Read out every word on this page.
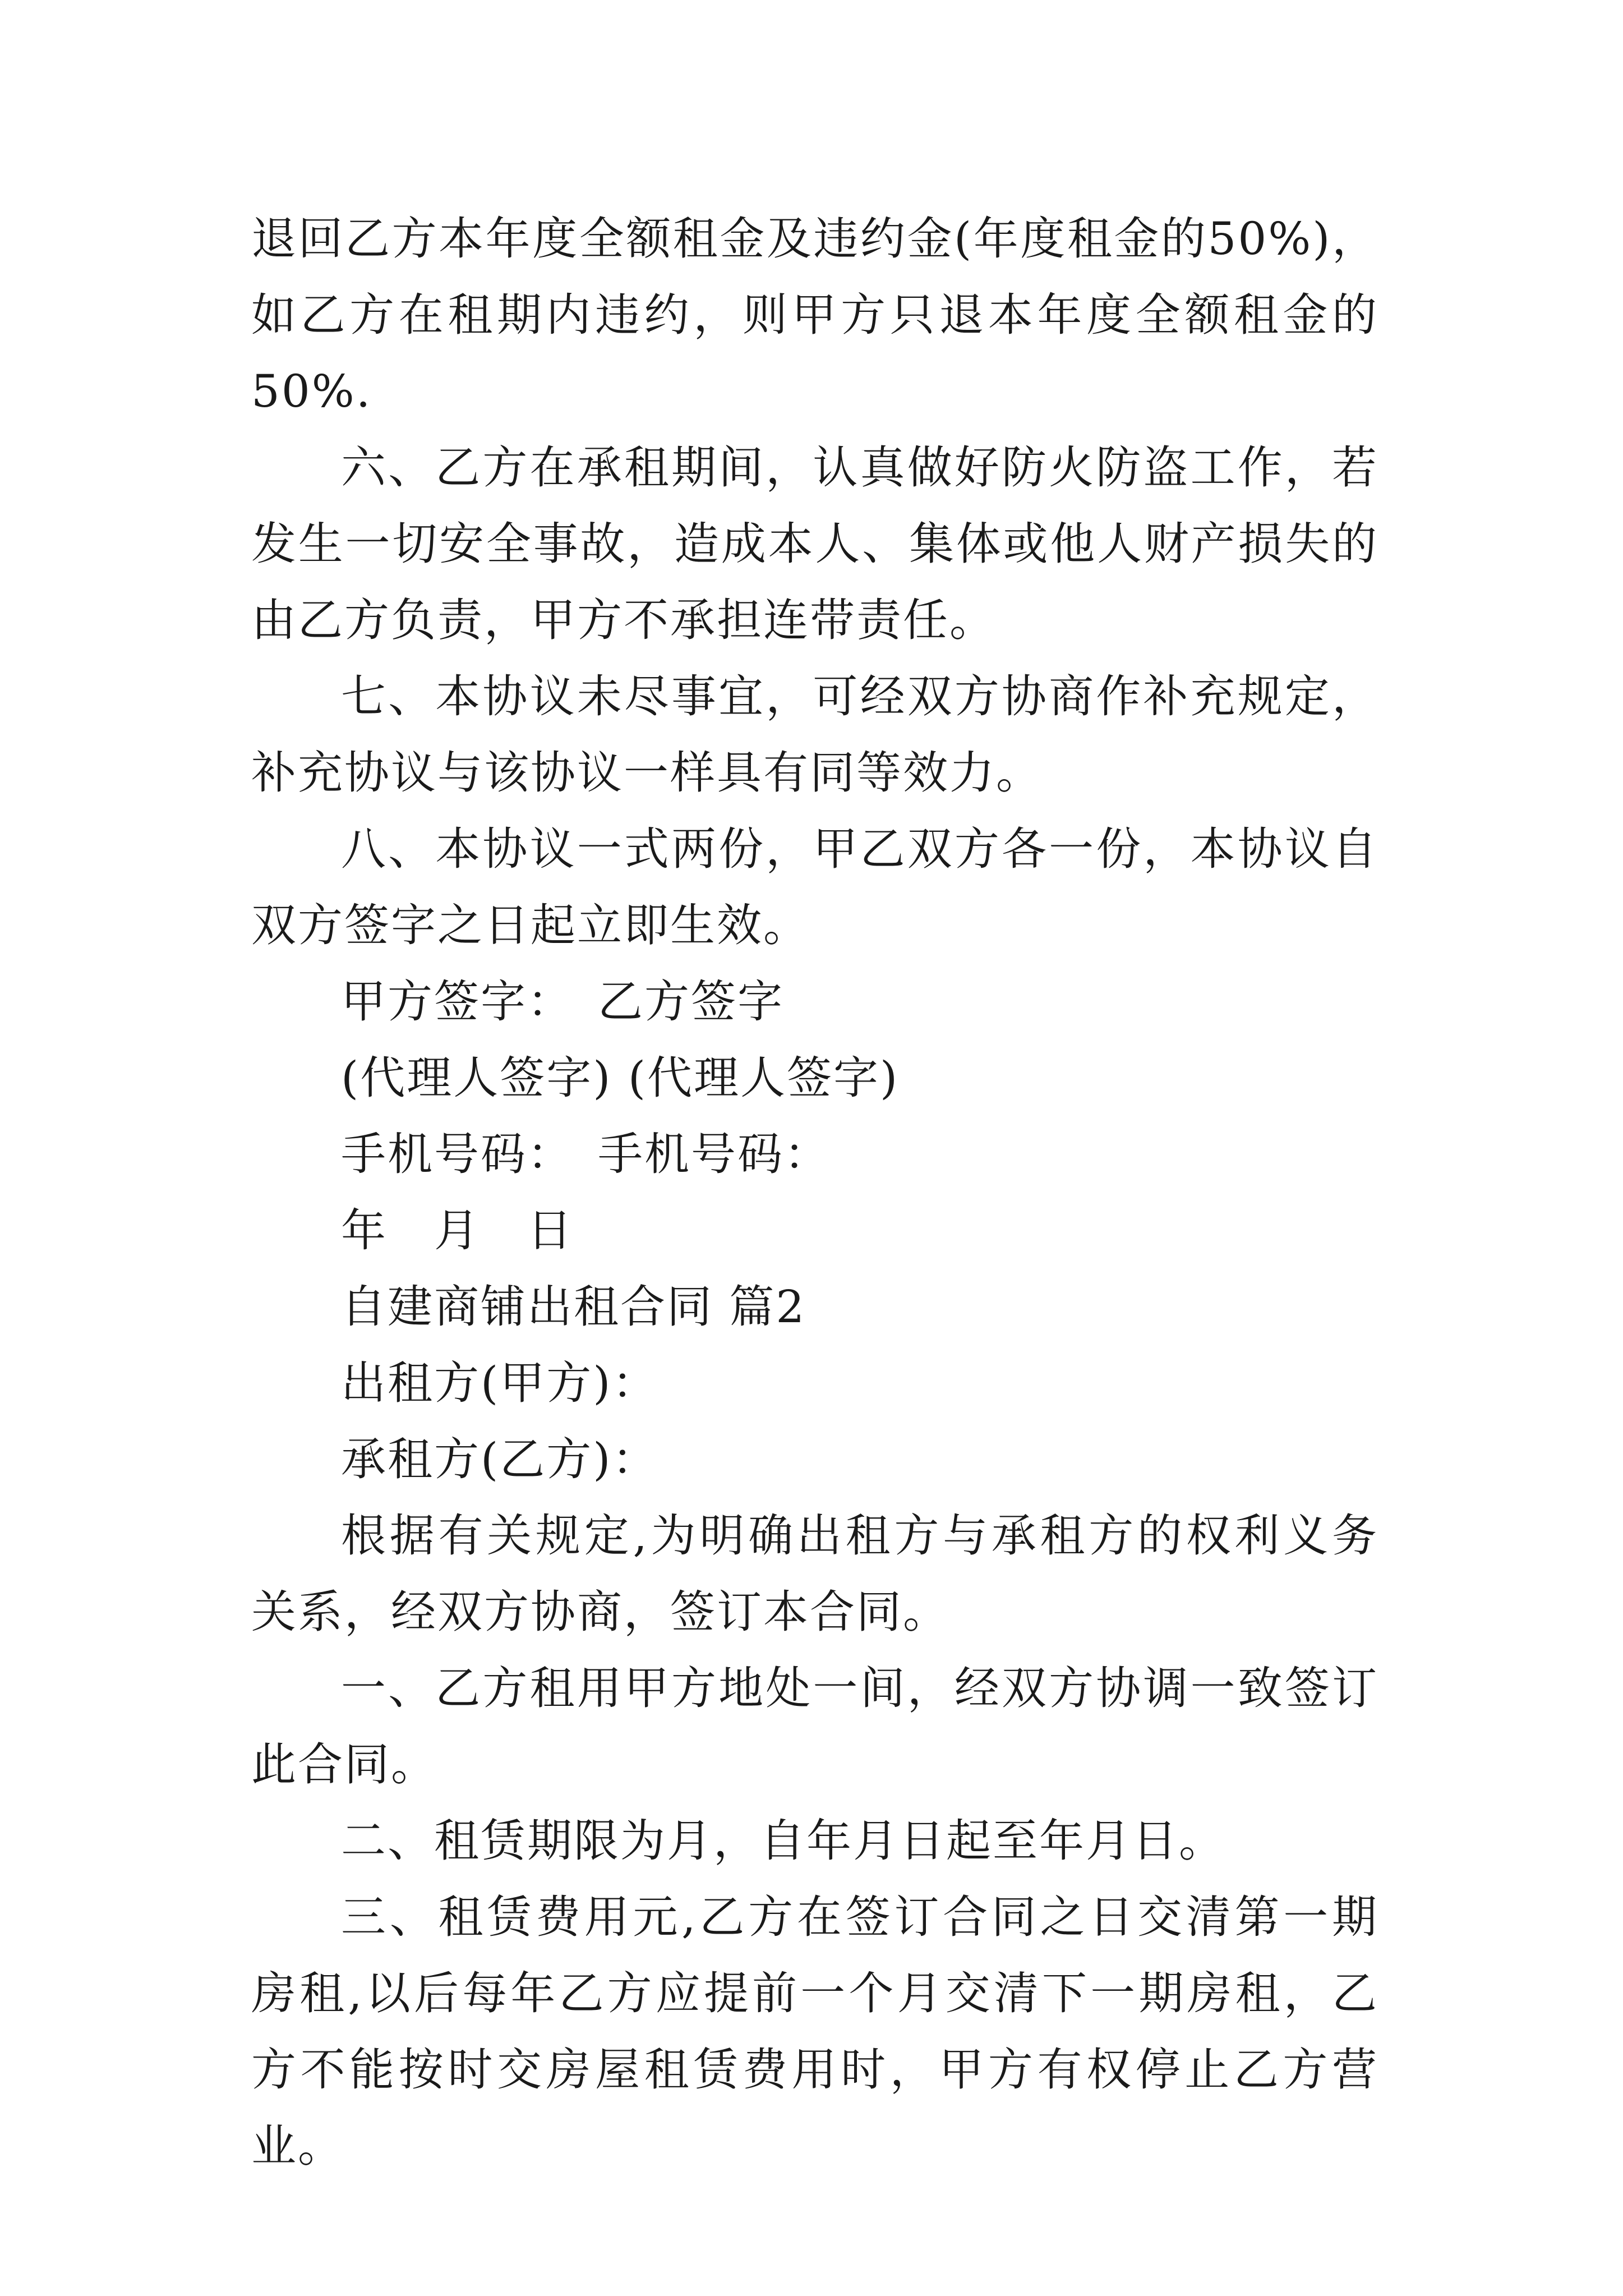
退回乙方本年度全额租金及违约金(年度租金的50%)，如乙方在租期内违约，则甲方只退本年度全额租金的50%.

六、乙方在承租期间，认真做好防火防盗工作，若发生一切安全事故，造成本人、集体或他人财产损失的由乙方负责，甲方不承担连带责任。

七、本协议未尽事宜，可经双方协商作补充规定，补充协议与该协议一样具有同等效力。

八、本协议一式两份，甲乙双方各一份，本协议自双方签字之日起立即生效。

甲方签字：　乙方签字

(代理人签字) (代理人签字)

手机号码：　手机号码：

年　月　日

自建商铺出租合同 篇2

出租方(甲方)：

承租方(乙方)：

根据有关规定,为明确出租方与承租方的权利义务关系，经双方协商，签订本合同。

一、乙方租用甲方地处一间，经双方协调一致签订此合同。

二、租赁期限为月，自年月日起至年月日。

三、租赁费用元,乙方在签订合同之日交清第一期房租,以后每年乙方应提前一个月交清下一期房租，乙方不能按时交房屋租赁费用时，甲方有权停止乙方营业。
